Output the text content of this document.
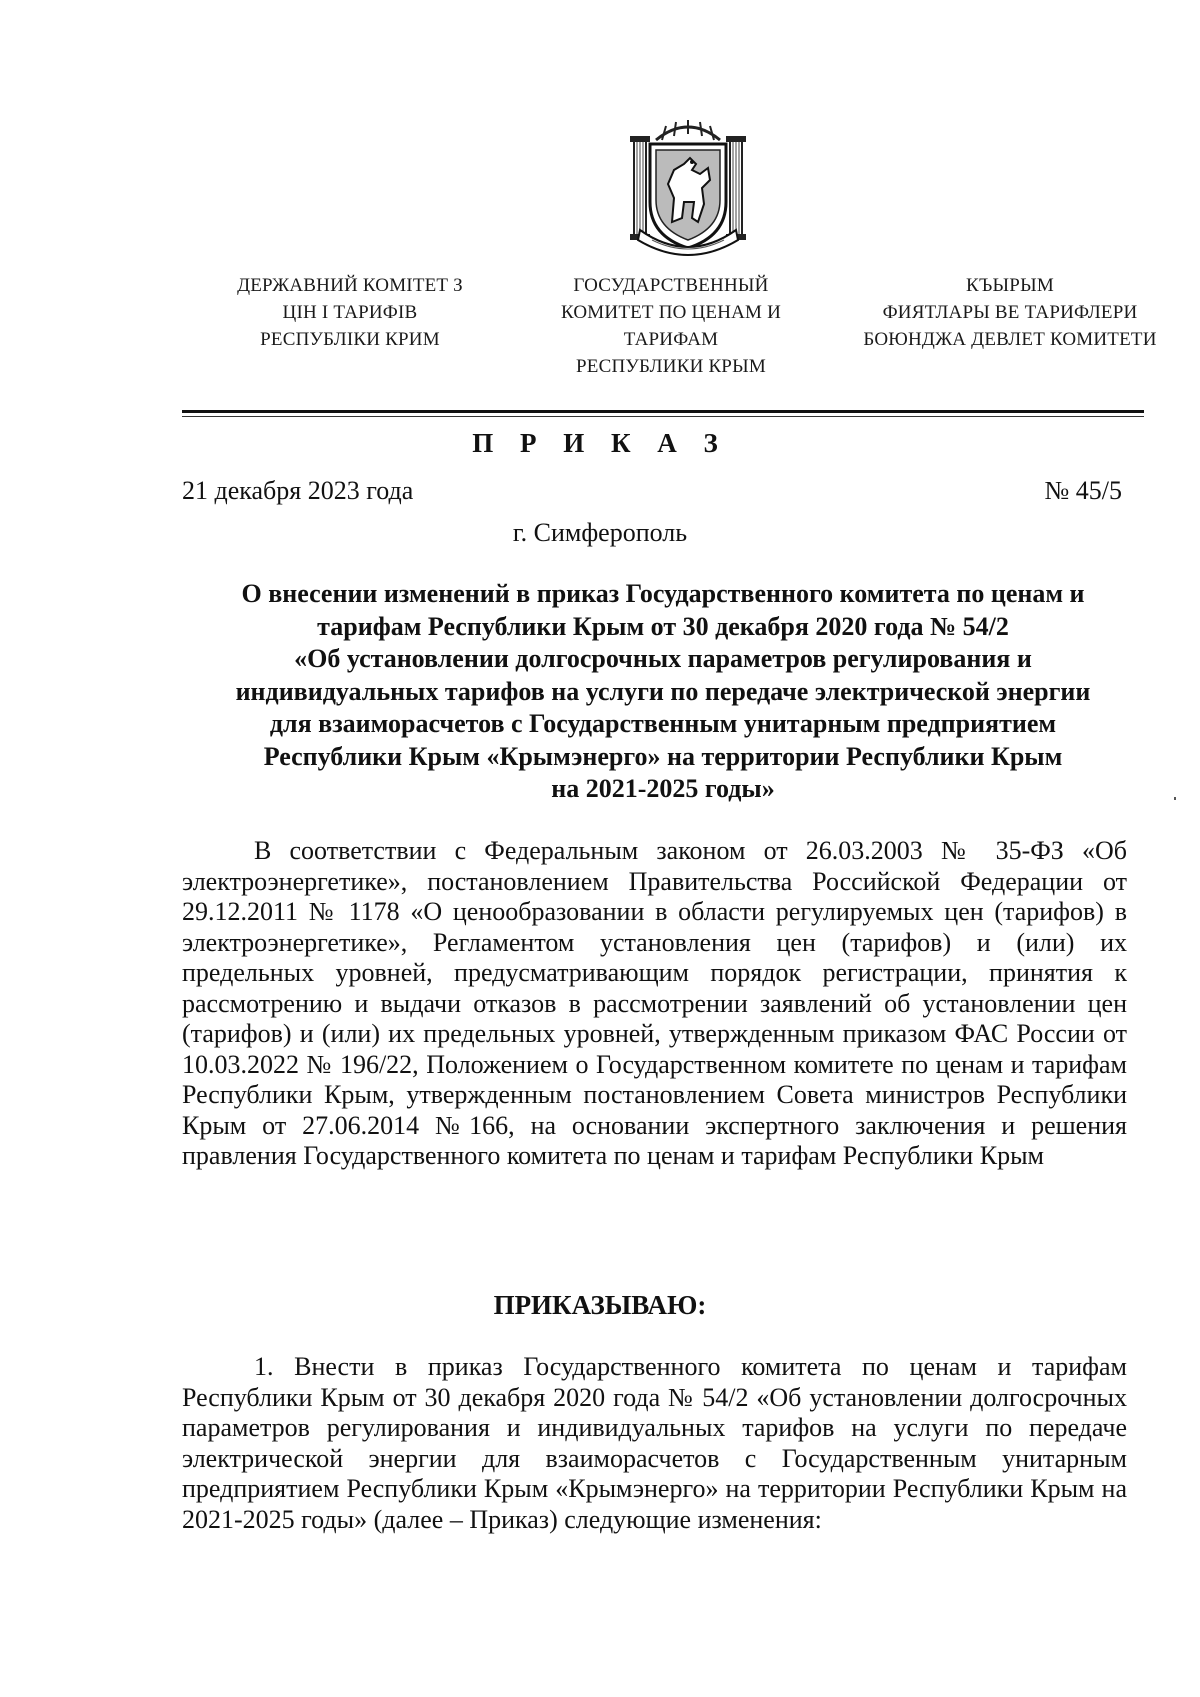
ДЕРЖАВНИЙ КОМІТЕТ З
ЦІН І ТАРИФІВ
РЕСПУБЛІКИ КРИМ
ГОСУДАРСТВЕННЫЙ
КОМИТЕТ ПО ЦЕНАМ И
ТАРИФАМ
РЕСПУБЛИКИ КРЫМ
КЪЫРЫМ
ФИЯТЛАРЫ ВЕ ТАРИФЛЕРИ
БОЮНДЖА ДЕВЛЕТ КОМИТЕТИ
П Р И К А З
21 декабря 2023 года	№ 45/5
г. Симферополь
О внесении изменений в приказ Государственного комитета по ценам и
тарифам Республики Крым от 30 декабря 2020 года № 54/2
«Об установлении долгосрочных параметров регулирования и
индивидуальных тарифов на услуги по передаче электрической энергии
для взаиморасчетов с Государственным унитарным предприятием
Республики Крым «Крымэнерго» на территории Республики Крым
на 2021-2025 годы»
В соответствии с Федеральным законом от 26.03.2003 № 35-ФЗ «Об электроэнергетике», постановлением Правительства Российской Федерации от 29.12.2011 № 1178 «О ценообразовании в области регулируемых цен (тарифов) в электроэнергетике», Регламентом установления цен (тарифов) и (или) их предельных уровней, предусматривающим порядок регистрации, принятия к рассмотрению и выдачи отказов в рассмотрении заявлений об установлении цен (тарифов) и (или) их предельных уровней, утвержденным приказом ФАС России от 10.03.2022 № 196/22, Положением о Государственном комитете по ценам и тарифам Республики Крым, утвержденным постановлением Совета министров Республики Крым от 27.06.2014 №166, на основании экспертного заключения и решения правления Государственного комитета по ценам и тарифам Республики Крым
ПРИКАЗЫВАЮ:
1. Внести в приказ Государственного комитета по ценам и тарифам Республики Крым от 30 декабря 2020 года № 54/2 «Об установлении долгосрочных параметров регулирования и индивидуальных тарифов на услуги по передаче электрической энергии для взаиморасчетов с Государственным унитарным предприятием Республики Крым «Крымэнерго» на территории Республики Крым на 2021-2025 годы» (далее – Приказ) следующие изменения:
